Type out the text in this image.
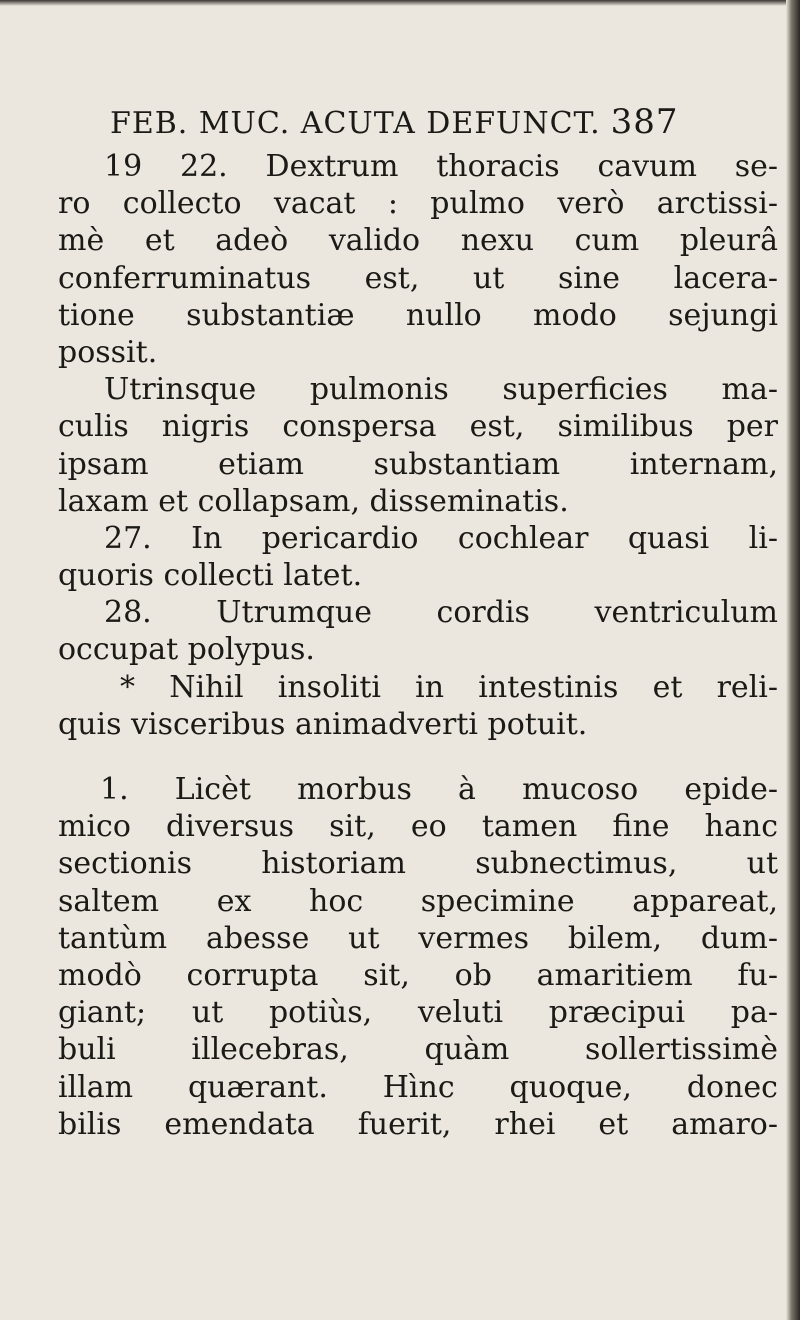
FEB. MUC. ACUTA DEFUNCT. 387
19 22. Dextrum thoracis cavum se-
ro collecto vacat : pulmo verò arctissi-
mè et adeò valido nexu cum pleurâ
conferruminatus est, ut sine lacera-
tione substantiæ nullo modo sejungi
possit.
Utrinsque pulmonis superficies ma-
culis nigris conspersa est, similibus per
ipsam etiam substantiam internam,
laxam et collapsam, disseminatis.
27. In pericardio cochlear quasi li-
quoris collecti latet.
28. Utrumque cordis ventriculum
occupat polypus.
* Nihil insoliti in intestinis et reli-
quis visceribus animadverti potuit.
1. Licèt morbus à mucoso epide-
mico diversus sit, eo tamen fine hanc
sectionis historiam subnectimus, ut
saltem ex hoc specimine appareat,
tantùm abesse ut vermes bilem, dum-
modò corrupta sit, ob amaritiem fu-
giant; ut potiùs, veluti præcipui pa-
buli illecebras, quàm sollertissimè
illam quærant. Hìnc quoque, donec
bilis emendata fuerit, rhei et amaro-
